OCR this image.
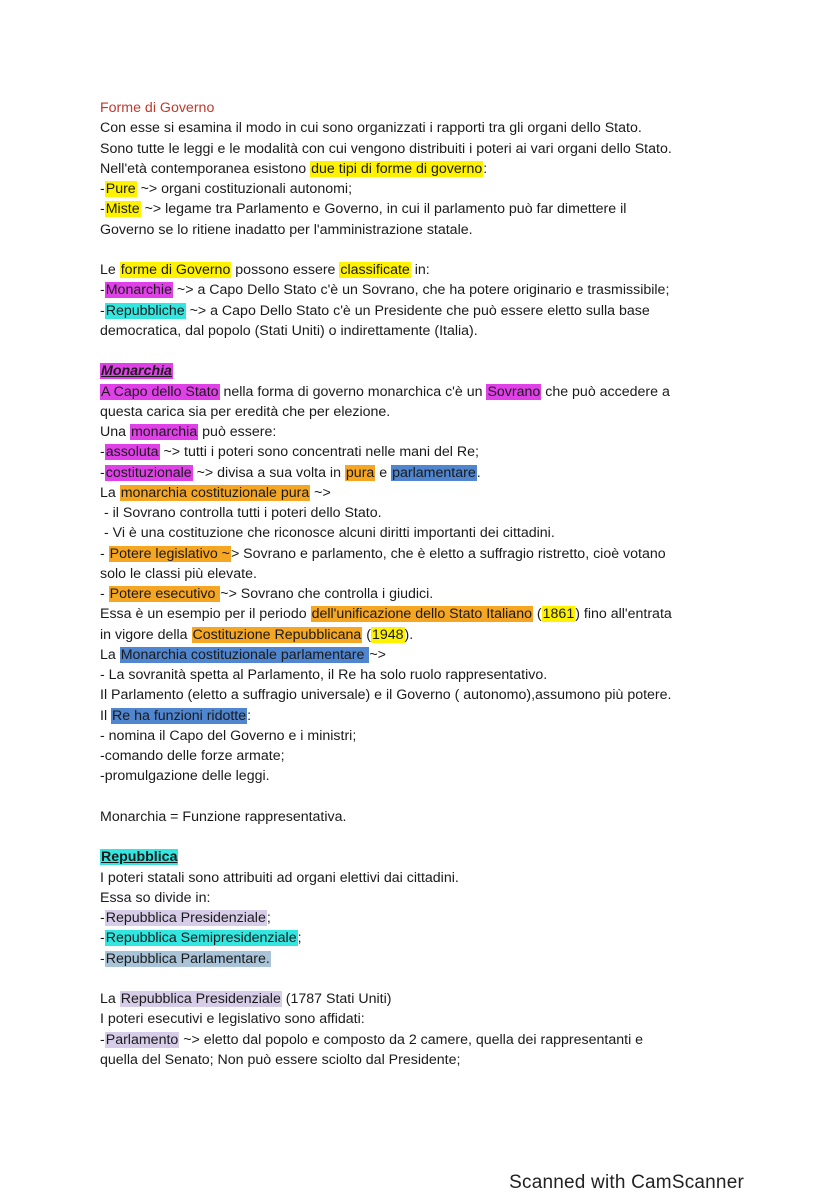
Forme di Governo
Con esse si esamina il modo in cui sono organizzati i rapporti tra gli organi dello Stato.
Sono tutte le leggi e le modalità con cui vengono distribuiti i poteri ai vari organi dello Stato.
Nell'età contemporanea esistono due tipi di forme di governo:
-Pure ~> organi costituzionali autonomi;
-Miste ~> legame tra Parlamento e Governo, in cui il parlamento può far dimettere il
Governo se lo ritiene inadatto per l'amministrazione statale.
Le forme di Governo possono essere classificate in:
-Monarchie ~> a Capo Dello Stato c'è un Sovrano, che ha potere originario e trasmissibile;
-Repubbliche ~> a Capo Dello Stato c'è un Presidente che può essere eletto sulla base
democratica, dal popolo (Stati Uniti) o indirettamente (Italia).
Monarchia
A Capo dello Stato nella forma di governo monarchica c'è un Sovrano che può accedere a
questa carica sia per eredità che per elezione.
Una monarchia può essere:
-assoluta ~> tutti i poteri sono concentrati nelle mani del Re;
-costituzionale ~> divisa a sua volta in pura e parlamentare.
La monarchia costituzionale pura ~>
- il Sovrano controlla tutti i poteri dello Stato.
- Vi è una costituzione che riconosce alcuni diritti importanti dei cittadini.
- Potere legislativo ~> Sovrano e parlamento, che è eletto a suffragio ristretto, cioè votano
solo le classi più elevate.
- Potere esecutivo ~> Sovrano che controlla i giudici.
Essa è un esempio per il periodo dell'unificazione dello Stato Italiano (1861) fino all'entrata
in vigore della Costituzione Repubblicana (1948).
La Monarchia costituzionale parlamentare ~>
- La sovranità spetta al Parlamento, il Re ha solo ruolo rappresentativo.
Il Parlamento (eletto a suffragio universale) e il Governo ( autonomo),assumono più potere.
Il Re ha funzioni ridotte:
- nomina il Capo del Governo e i ministri;
-comando delle forze armate;
-promulgazione delle leggi.
Monarchia = Funzione rappresentativa.
Repubblica
I poteri statali sono attribuiti ad organi elettivi dai cittadini.
Essa so divide in:
-Repubblica Presidenziale;
-Repubblica Semipresidenziale;
-Repubblica Parlamentare.
La Repubblica Presidenziale (1787 Stati Uniti)
I poteri esecutivi e legislativo sono affidati:
-Parlamento ~> eletto dal popolo e composto da 2 camere, quella dei rappresentanti e
quella del Senato; Non può essere sciolto dal Presidente;
Scanned with CamScanner
